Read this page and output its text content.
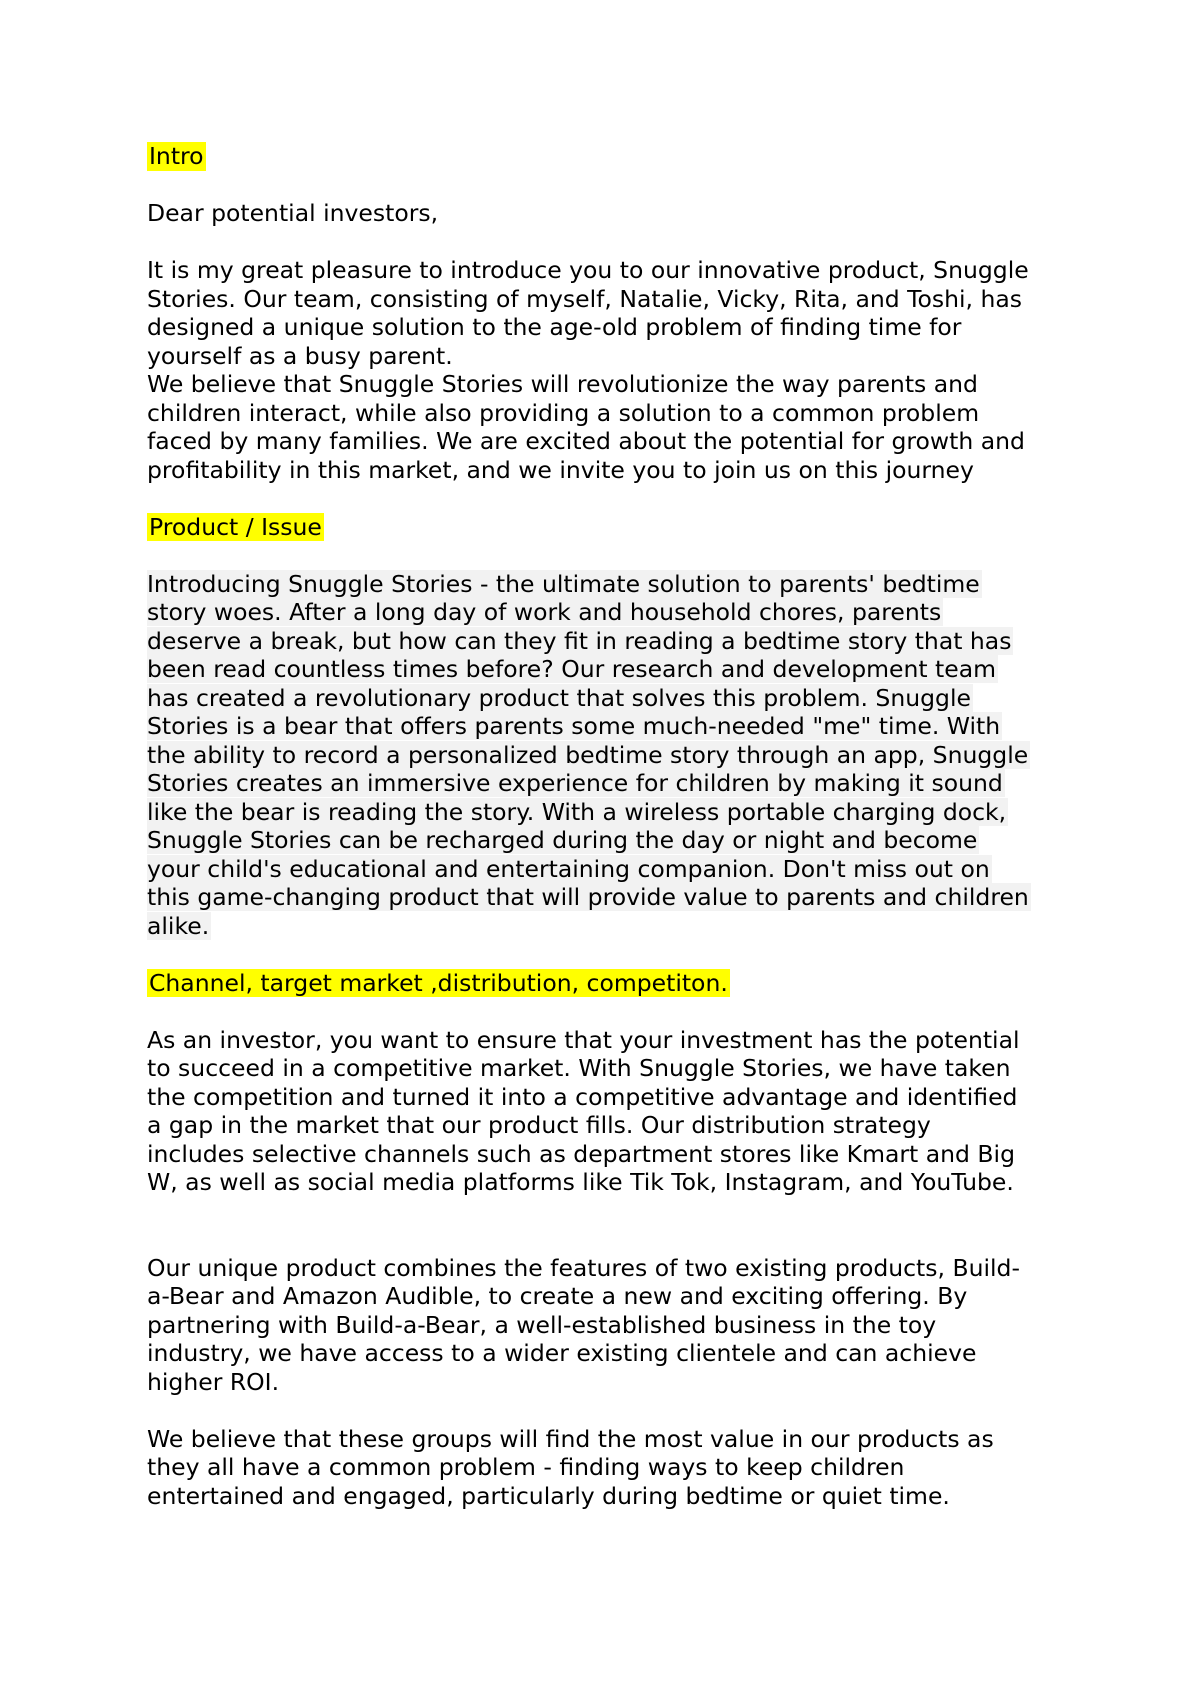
Intro

Dear potential investors,

It is my great pleasure to introduce you to our innovative product, Snuggle
Stories. Our team, consisting of myself, Natalie, Vicky, Rita, and Toshi, has
designed a unique solution to the age-old problem of finding time for
yourself as a busy parent.
We believe that Snuggle Stories will revolutionize the way parents and
children interact, while also providing a solution to a common problem
faced by many families. We are excited about the potential for growth and
profitability in this market, and we invite you to join us on this journey
Product / Issue
Introducing Snuggle Stories - the ultimate solution to parents' bedtime
story woes. After a long day of work and household chores, parents
deserve a break, but how can they fit in reading a bedtime story that has
been read countless times before? Our research and development team
has created a revolutionary product that solves this problem. Snuggle
Stories is a bear that offers parents some much-needed "me" time. With
the ability to record a personalized bedtime story through an app, Snuggle
Stories creates an immersive experience for children by making it sound
like the bear is reading the story. With a wireless portable charging dock,
Snuggle Stories can be recharged during the day or night and become
your child's educational and entertaining companion. Don't miss out on
this game-changing product that will provide value to parents and children
alike.
Channel, target market ,distribution, competiton.
As an investor, you want to ensure that your investment has the potential
to succeed in a competitive market. With Snuggle Stories, we have taken
the competition and turned it into a competitive advantage and identified
a gap in the market that our product fills. Our distribution strategy
includes selective channels such as department stores like Kmart and Big
W, as well as social media platforms like Tik Tok, Instagram, and YouTube.
Our unique product combines the features of two existing products, Build-
a-Bear and Amazon Audible, to create a new and exciting offering. By
partnering with Build-a-Bear, a well-established business in the toy
industry, we have access to a wider existing clientele and can achieve
higher ROI.
We believe that these groups will find the most value in our products as
they all have a common problem - finding ways to keep children
entertained and engaged, particularly during bedtime or quiet time.
